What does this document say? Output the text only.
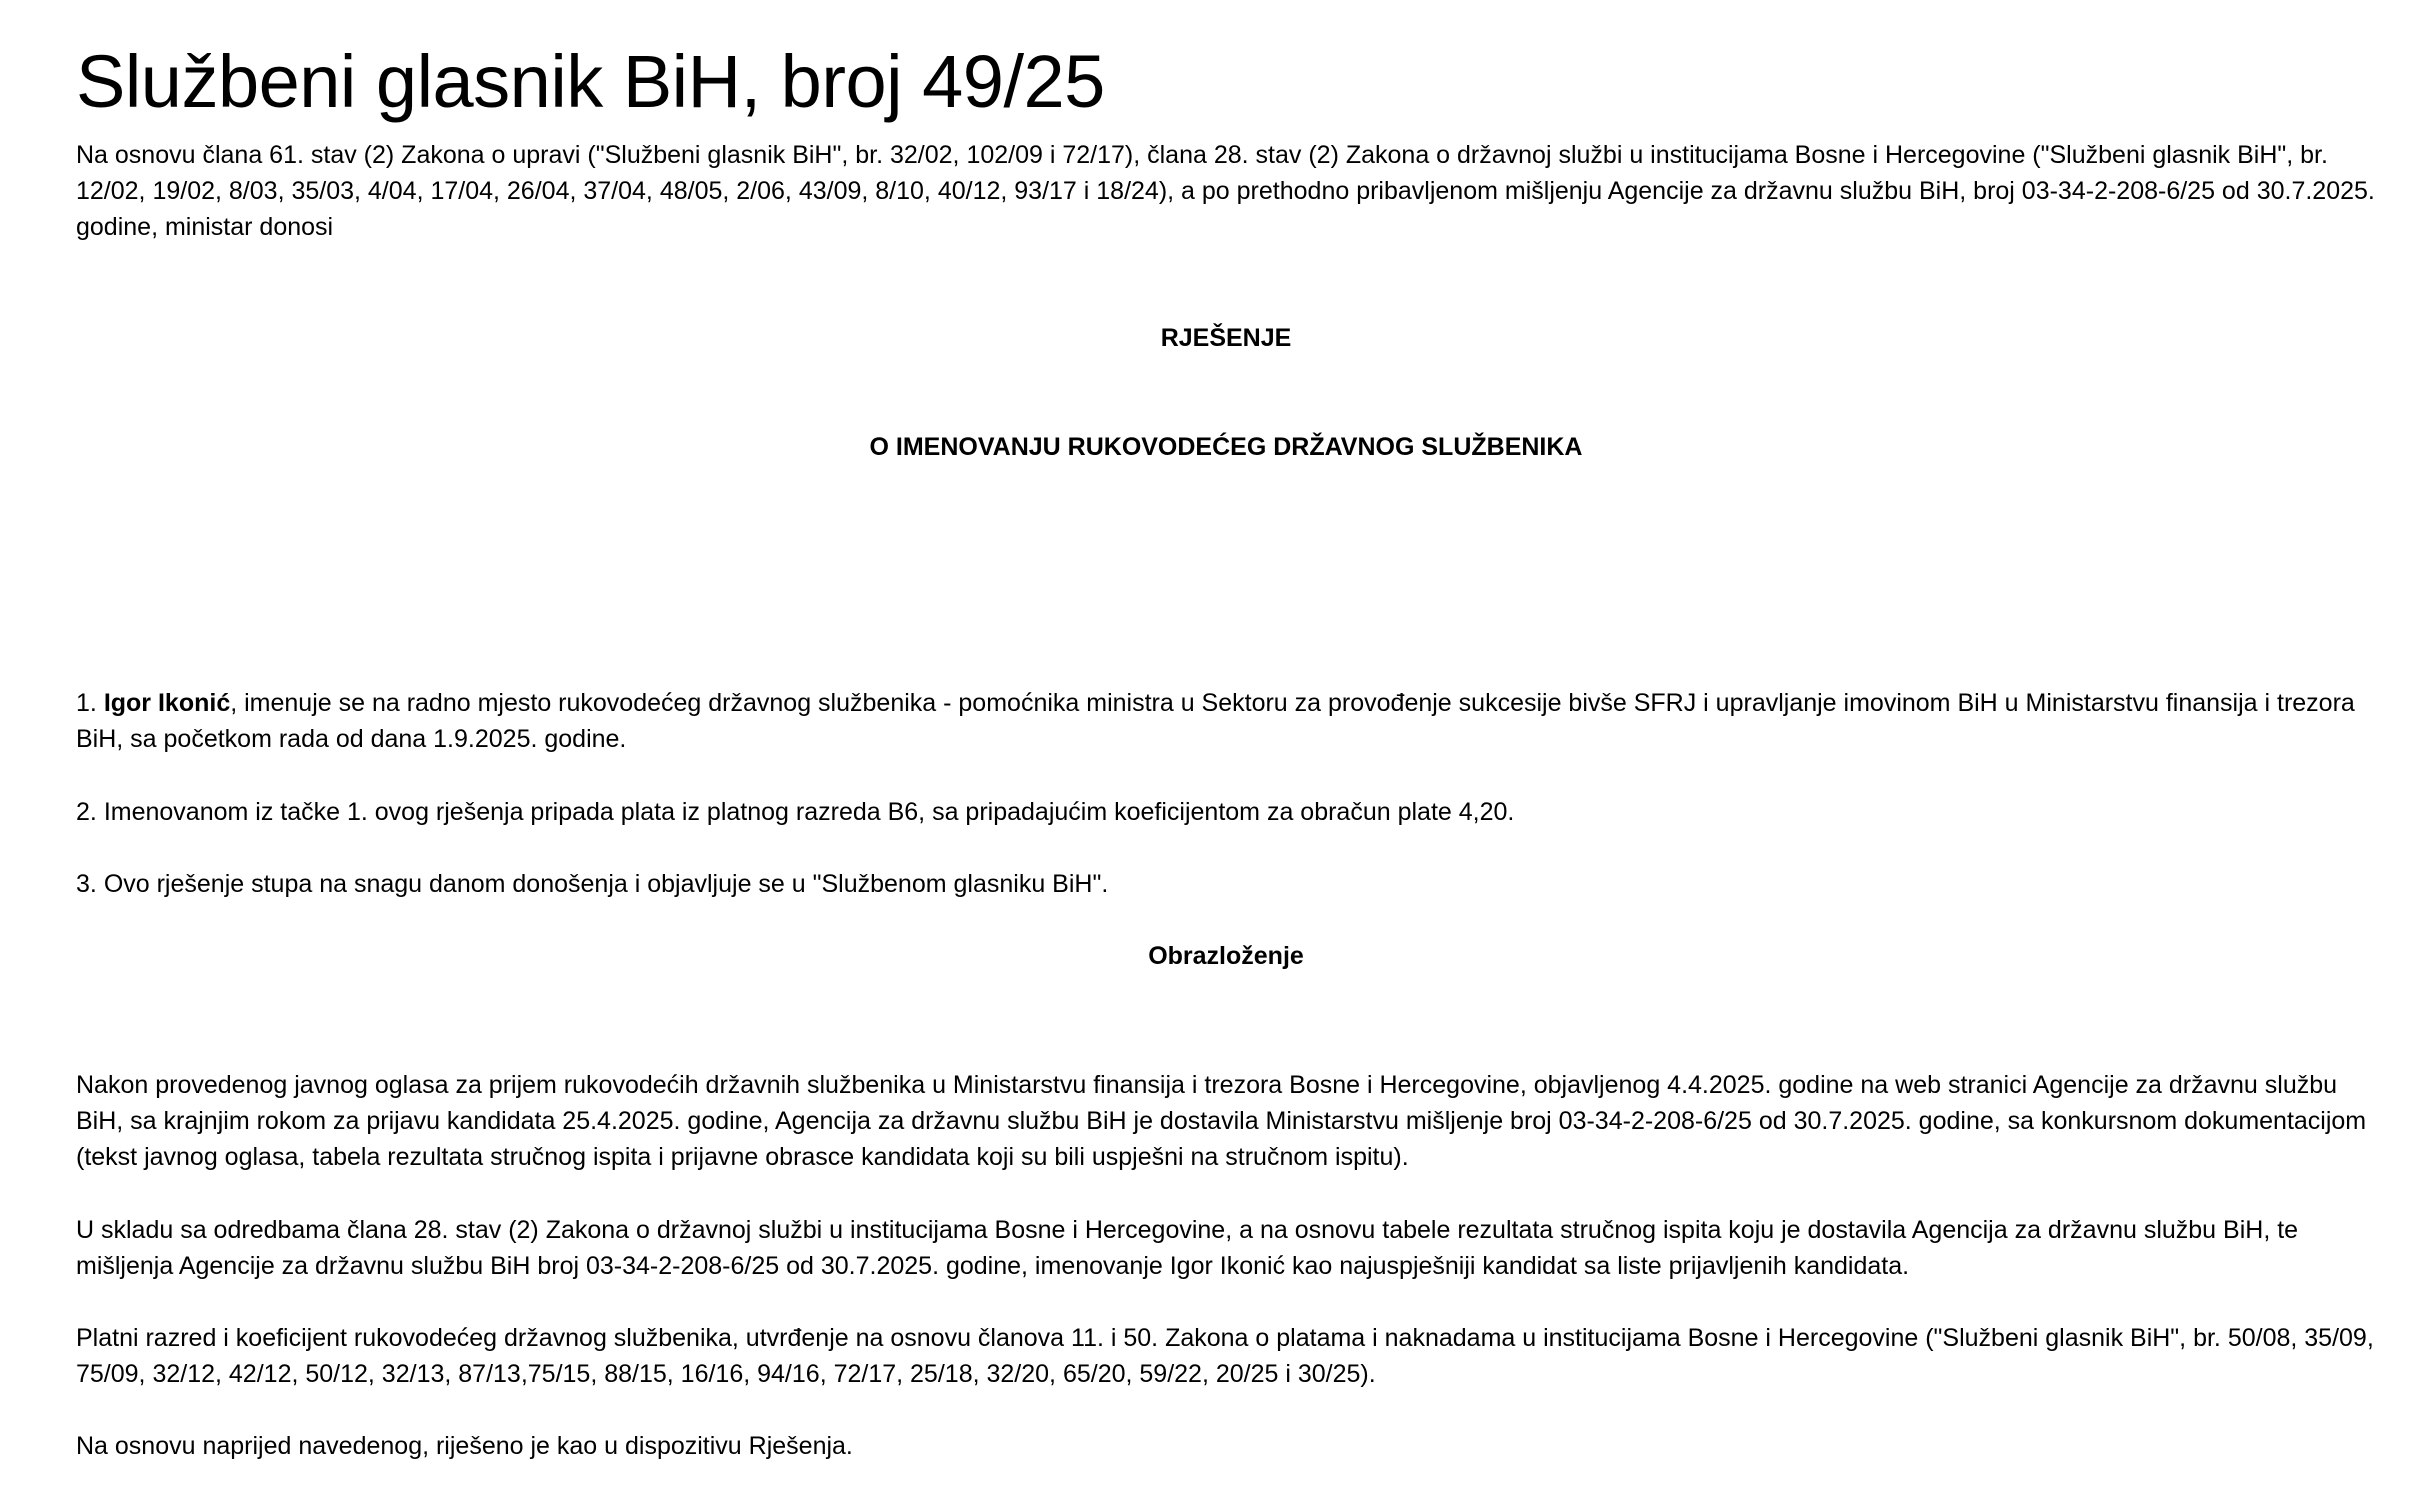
Službeni glasnik BiH, broj 49/25

Na osnovu člana 61. stav (2) Zakona o upravi ("Službeni glasnik BiH", br. 32/02, 102/09 i 72/17), člana 28. stav (2) Zakona o državnoj službi u institucijama Bosne i Hercegovine ("Službeni glasnik BiH", br. 12/02, 19/02, 8/03, 35/03, 4/04, 17/04, 26/04, 37/04, 48/05, 2/06, 43/09, 8/10, 40/12, 93/17 i 18/24), a po prethodno pribavljenom mišljenju Agencije za državnu službu BiH, broj 03-34-2-208-6/25 od 30.7.2025. godine, ministar donosi

RJEŠENJE

O IMENOVANJU RUKOVODEĆEG DRŽAVNOG SLUŽBENIKA

1. Igor Ikonić, imenuje se na radno mjesto rukovodećeg državnog službenika - pomoćnika ministra u Sektoru za provođenje sukcesije bivše SFRJ i upravljanje imovinom BiH u Ministarstvu finansija i trezora BiH, sa početkom rada od dana 1.9.2025. godine.

2. Imenovanom iz tačke 1. ovog rješenja pripada plata iz platnog razreda B6, sa pripadajućim koeficijentom za obračun plate 4,20.

3. Ovo rješenje stupa na snagu danom donošenja i objavljuje se u "Službenom glasniku BiH".

Obrazloženje

Nakon provedenog javnog oglasa za prijem rukovodećih državnih službenika u Ministarstvu finansija i trezora Bosne i Hercegovine, objavljenog 4.4.2025. godine na web stranici Agencije za državnu službu BiH, sa krajnjim rokom za prijavu kandidata 25.4.2025. godine, Agencija za državnu službu BiH je dostavila Ministarstvu mišljenje broj 03-34-2-208-6/25 od 30.7.2025. godine, sa konkursnom dokumentacijom (tekst javnog oglasa, tabela rezultata stručnog ispita i prijavne obrasce kandidata koji su bili uspješni na stručnom ispitu).

U skladu sa odredbama člana 28. stav (2) Zakona o državnoj službi u institucijama Bosne i Hercegovine, a na osnovu tabele rezultata stručnog ispita koju je dostavila Agencija za državnu službu BiH, te mišljenja Agencije za državnu službu BiH broj 03-34-2-208-6/25 od 30.7.2025. godine, imenovanje Igor Ikonić kao najuspješniji kandidat sa liste prijavljenih kandidata.

Platni razred i koeficijent rukovodećeg državnog službenika, utvrđenje na osnovu članova 11. i 50. Zakona o platama i naknadama u institucijama Bosne i Hercegovine ("Službeni glasnik BiH", br. 50/08, 35/09, 75/09, 32/12, 42/12, 50/12, 32/13, 87/13,75/15, 88/15, 16/16, 94/16, 72/17, 25/18, 32/20, 65/20, 59/22, 20/25 i 30/25).

Na osnovu naprijed navedenog, riješeno je kao u dispozitivu Rješenja.
